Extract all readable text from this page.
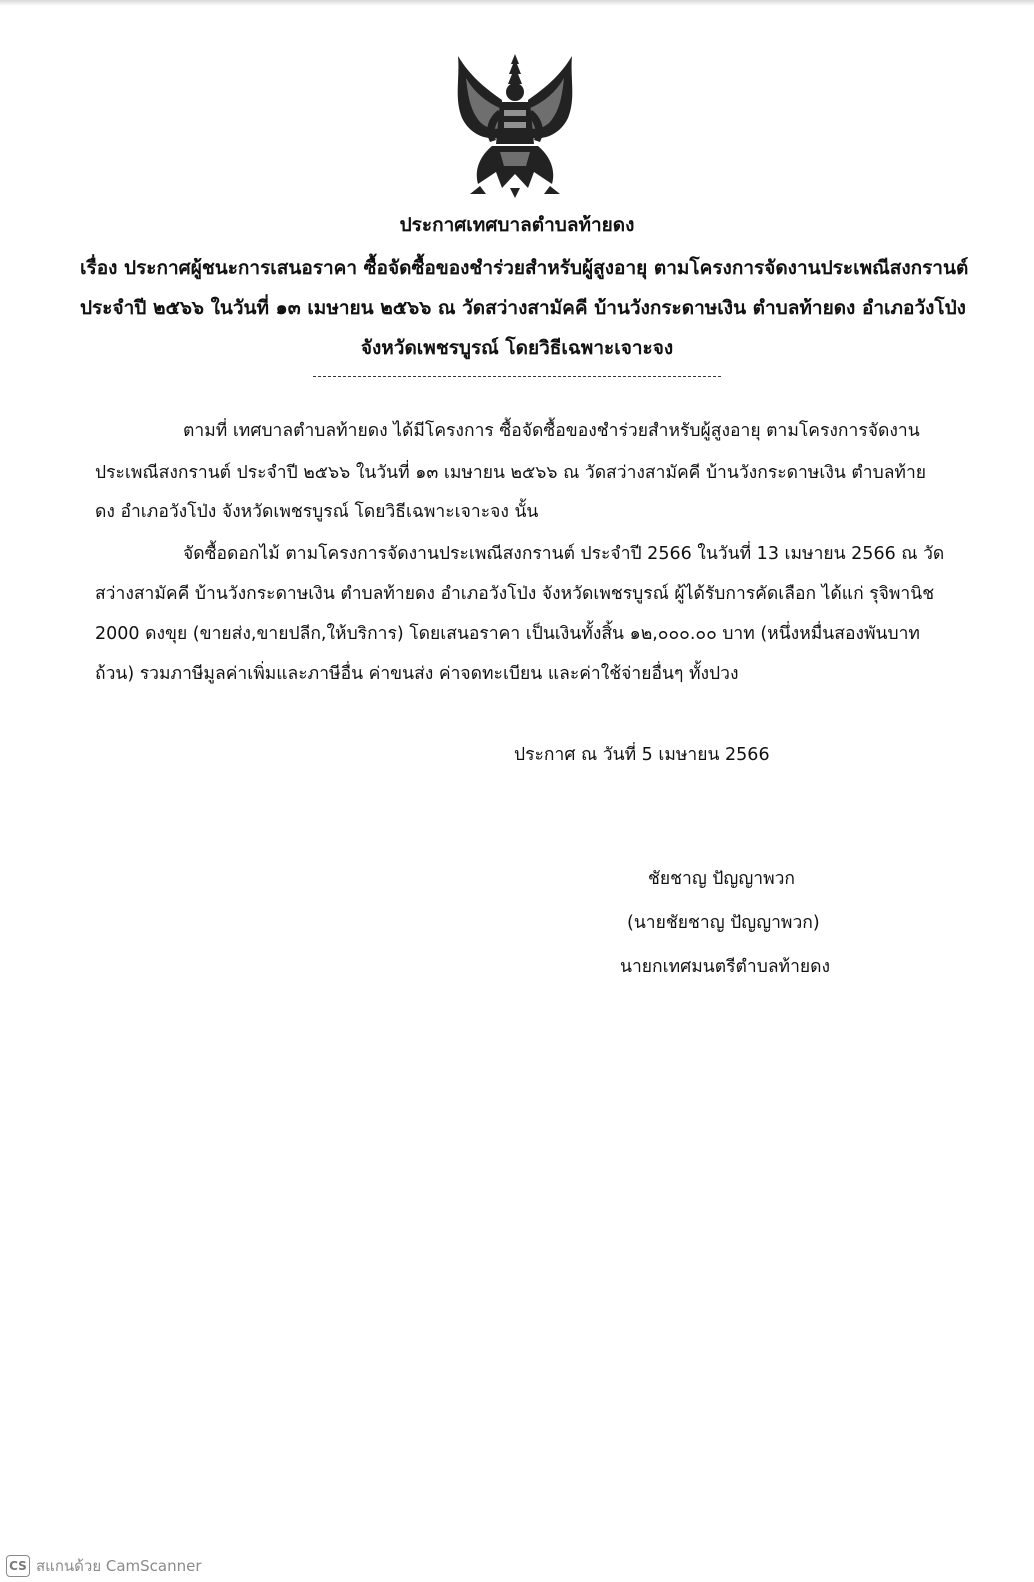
ประกาศเทศบาลตำบลท้ายดง
เรื่อง ประกาศผู้ชนะการเสนอราคา ซื้อจัดซื้อของชำร่วยสำหรับผู้สูงอายุ ตามโครงการจัดงานประเพณีสงกรานต์
ประจำปี ๒๕๖๖ ในวันที่ ๑๓ เมษายน ๒๕๖๖ ณ วัดสว่างสามัคคี บ้านวังกระดาษเงิน ตำบลท้ายดง อำเภอวังโป่ง
จังหวัดเพชรบูรณ์ โดยวิธีเฉพาะเจาะจง
ตามที่ เทศบาลตำบลท้ายดง ได้มีโครงการ ซื้อจัดซื้อของชำร่วยสำหรับผู้สูงอายุ ตามโครงการจัดงาน
ประเพณีสงกรานต์ ประจำปี ๒๕๖๖ ในวันที่ ๑๓ เมษายน ๒๕๖๖ ณ วัดสว่างสามัคคี บ้านวังกระดาษเงิน ตำบลท้าย
ดง อำเภอวังโป่ง จังหวัดเพชรบูรณ์ โดยวิธีเฉพาะเจาะจง นั้น
จัดซื้อดอกไม้ ตามโครงการจัดงานประเพณีสงกรานต์ ประจำปี 2566 ในวันที่ 13 เมษายน 2566 ณ วัด
สว่างสามัคคี บ้านวังกระดาษเงิน ตำบลท้ายดง อำเภอวังโป่ง จังหวัดเพชรบูรณ์ ผู้ได้รับการคัดเลือก ได้แก่ รุจิพานิช
2000 ดงขุย (ขายส่ง,ขายปลีก,ให้บริการ) โดยเสนอราคา เป็นเงินทั้งสิ้น ๑๒,๐๐๐.๐๐ บาท (หนึ่งหมื่นสองพันบาท
ถ้วน) รวมภาษีมูลค่าเพิ่มและภาษีอื่น ค่าขนส่ง ค่าจดทะเบียน และค่าใช้จ่ายอื่นๆ ทั้งปวง
ประกาศ ณ วันที่ 5 เมษายน 2566
ชัยชาญ ปัญญาพวก
(นายชัยชาญ ปัญญาพวก)
นายกเทศมนตรีตำบลท้ายดง
CS สแกนด้วย CamScanner
